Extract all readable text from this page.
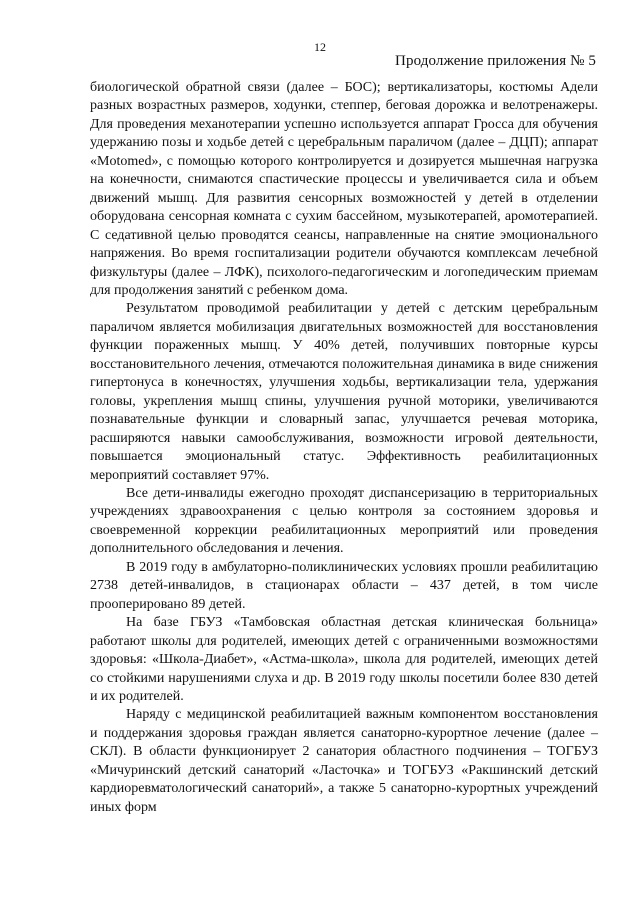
12
Продолжение приложения № 5

биологической обратной связи (далее – БОС); вертикализаторы, костюмы Адели разных возрастных размеров, ходунки, степпер, беговая дорожка и велотренажеры. Для проведения механотерапии успешно используется аппарат Гросса для обучения удержанию позы и ходьбе детей с церебральным параличом (далее – ДЦП); аппарат «Motomed», с помощью которого контролируется и дозируется мышечная нагрузка на конечности, снимаются спастические процессы и увеличивается сила и объем движений мышц. Для развития сенсорных возможностей у детей в отделении оборудована сенсорная комната с сухим бассейном, музыкотерапей, аромотерапией. С седативной целью проводятся сеансы, направленные на снятие эмоционального напряжения. Во время госпитализации родители обучаются комплексам лечебной физкультуры (далее – ЛФК), психолого-педагогическим и логопедическим приемам для продолжения занятий с ребенком дома.

Результатом проводимой реабилитации у детей с детским церебральным параличом является мобилизация двигательных возможностей для восстановления функции пораженных мышц. У 40% детей, получивших повторные курсы восстановительного лечения, отмечаются положительная динамика в виде снижения гипертонуса в конечностях, улучшения ходьбы, вертикализации тела, удержания головы, укрепления мышц спины, улучшения ручной моторики, увеличиваются познавательные функции и словарный запас, улучшается речевая моторика, расширяются навыки самообслуживания, возможности игровой деятельности, повышается эмоциональный статус. Эффективность реабилитационных мероприятий составляет 97%.

Все дети-инвалиды ежегодно проходят диспансеризацию в территориальных учреждениях здравоохранения с целью контроля за состоянием здоровья и своевременной коррекции реабилитационных мероприятий или проведения дополнительного обследования и лечения.

В 2019 году в амбулаторно-поликлинических условиях прошли реабилитацию 2738 детей-инвалидов, в стационарах области – 437 детей, в том числе прооперировано 89 детей.

На базе ГБУЗ «Тамбовская областная детская клиническая больница» работают школы для родителей, имеющих детей с ограниченными возможностями здоровья: «Школа-Диабет», «Астма-школа», школа для родителей, имеющих детей со стойкими нарушениями слуха и др. В 2019 году школы посетили более 830 детей и их родителей.

Наряду с медицинской реабилитацией важным компонентом восстановления и поддержания здоровья граждан является санаторно-курортное лечение (далее – СКЛ). В области функционирует 2 санатория областного подчинения – ТОГБУЗ «Мичуринский детский санаторий «Ласточка» и ТОГБУЗ «Ракшинский детский кардиоревматологический санаторий», а также 5 санаторно-курортных учреждений иных форм
